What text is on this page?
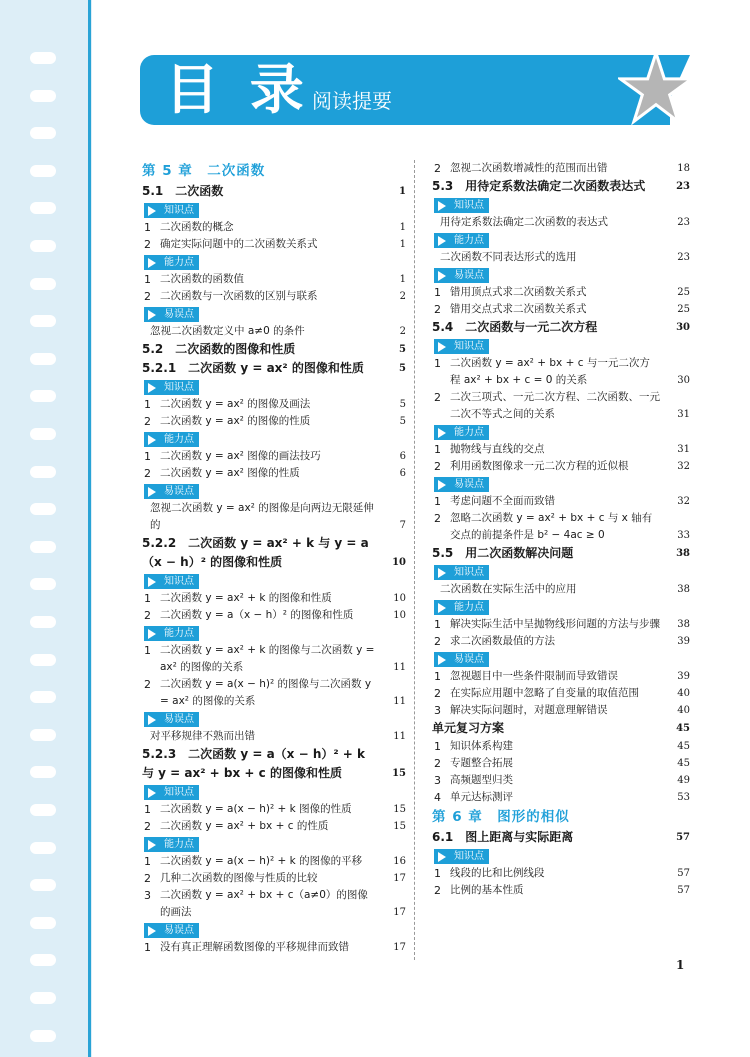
目 录 阅读提要
第 5 章　二次函数
5.1　二次函数	1
知识点
1 二次函数的概念	1
2 确定实际问题中的二次函数关系式	1
能力点
1 二次函数的函数值	1
2 二次函数与一次函数的区别与联系	2
易误点
忽视二次函数定义中 a≠0 的条件	2
5.2　二次函数的图像和性质	5
5.2.1　二次函数 y = ax² 的图像和性质	5
知识点
1 二次函数 y = ax² 的图像及画法	5
2 二次函数 y = ax² 的图像的性质	5
能力点
1 二次函数 y = ax² 图像的画法技巧	6
2 二次函数 y = ax² 图像的性质	6
易误点
忽视二次函数 y = ax² 的图像是向两边无限延伸的	7
5.2.2　二次函数 y = ax² + k 与 y = a（x − h）² 的图像和性质	10
知识点
1 二次函数 y = ax² + k 的图像和性质	10
2 二次函数 y = a（x − h）² 的图像和性质	10
能力点
1 二次函数 y = ax² + k 的图像与二次函数 y = ax² 的图像的关系	11
2 二次函数 y = a(x − h)² 的图像与二次函数 y = ax² 的图像的关系	11
易误点
对平移规律不熟而出错	11
5.2.3　二次函数 y = a（x − h）² + k 与 y = ax² + bx + c 的图像和性质	15
知识点
1 二次函数 y = a(x − h)² + k 图像的性质	15
2 二次函数 y = ax² + bx + c 的性质	15
能力点
1 二次函数 y = a(x − h)² + k 的图像的平移	16
2 几种二次函数的图像与性质的比较	17
3 二次函数 y = ax² + bx + c（a≠0）的图像的画法	17
易误点
1 没有真正理解函数图像的平移规律而致错	17
2 忽视二次函数增减性的范围而出错	18
5.3　用待定系数法确定二次函数表达式	23
知识点
用待定系数法确定二次函数的表达式	23
能力点
二次函数不同表达形式的选用	23
易误点
1 错用顶点式求二次函数关系式	25
2 错用交点式求二次函数关系式	25
5.4　二次函数与一元二次方程	30
知识点
1 二次函数 y = ax² + bx + c 与一元二次方程 ax² + bx + c = 0 的关系	30
2 二次三项式、一元二次方程、二次函数、一元二次不等式之间的关系	31
能力点
1 抛物线与直线的交点	31
2 利用函数图像求一元二次方程的近似根	32
易误点
1 考虑问题不全面而致错	32
2 忽略二次函数 y = ax² + bx + c 与 x 轴有交点的前提条件是 b² − 4ac ≥ 0	33
5.5　用二次函数解决问题	38
知识点
二次函数在实际生活中的应用	38
能力点
1 解决实际生活中呈抛物线形问题的方法与步骤	38
2 求二次函数最值的方法	39
易误点
1 忽视题目中一些条件限制而导致错误	39
2 在实际应用题中忽略了自变量的取值范围	40
3 解决实际问题时，对题意理解错误	40
单元复习方案	45
1 知识体系构建	45
2 专题整合拓展	45
3 高频题型归类	49
4 单元达标测评	53
第 6 章　图形的相似
6.1　图上距离与实际距离	57
知识点
1 线段的比和比例线段	57
2 比例的基本性质	57
1
